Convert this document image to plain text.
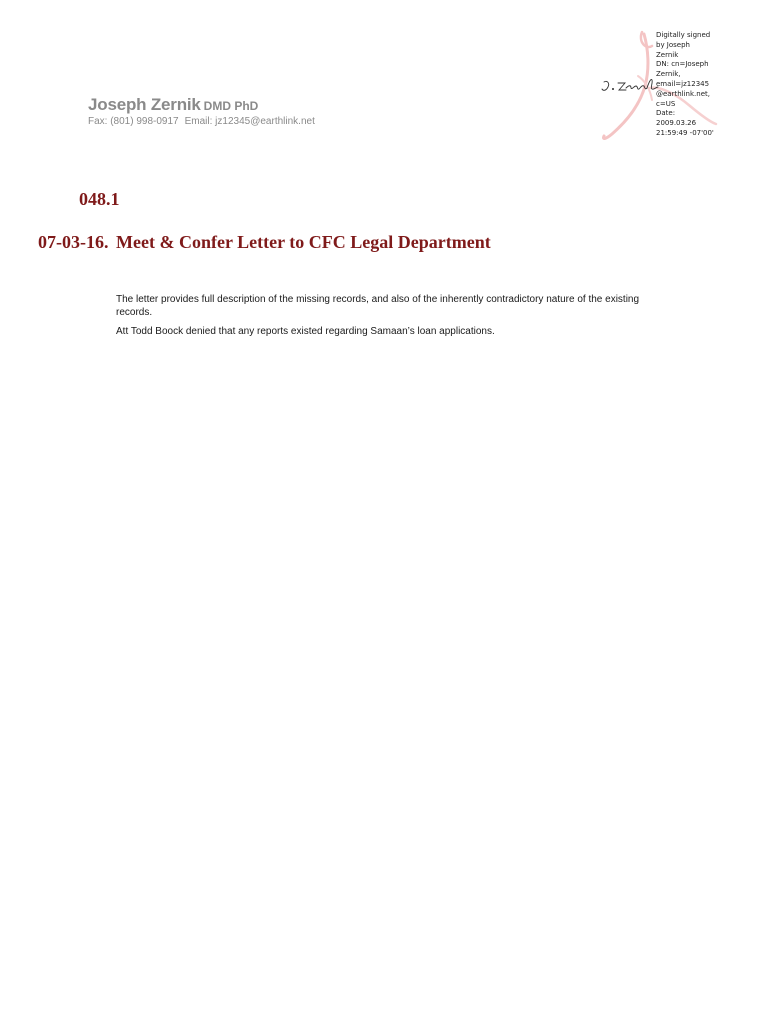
Joseph Zernik DMD PhD
Fax: (801) 998-0917 Email: jz12345@earthlink.net
Digitally signed
by Joseph
Zernik
DN: cn=Joseph
Zernik,
email=jz12345
@earthlink.net,
c=US
Date:
2009.03.26
21:59:49 -07'00'
048.1
07-03-16. Meet & Confer Letter to CFC Legal Department

The letter provides full description of the missing records, and also of the inherently contradictory nature of the existing records.

Att Todd Boock denied that any reports existed regarding Samaan’s loan applications.
